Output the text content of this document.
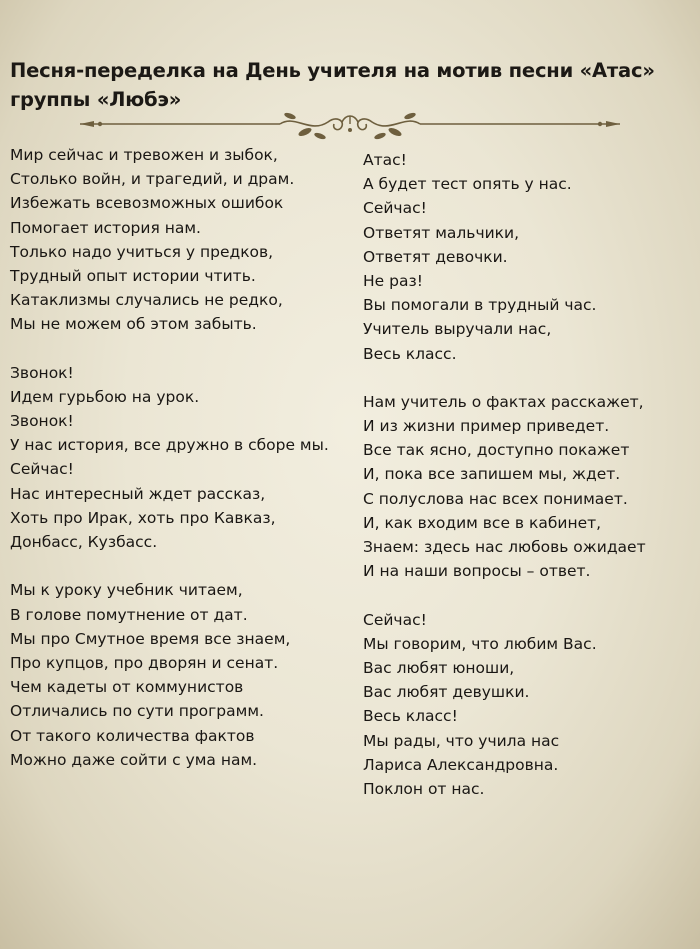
Песня-переделка на День учителя на мотив песни «Атас» группы «Любэ»
Мир сейчас и тревожен и зыбок,
Столько войн, и трагедий, и драм.
Избежать всевозможных ошибок
Помогает история нам.
Только надо учиться у предков,
Трудный опыт истории чтить.
Катаклизмы случались не редко,
Мы не можем об этом забыть.
Звонок!
Идем гурьбою на урок.
Звонок!
У нас история, все дружно в сборе мы.
Сейчас!
Нас интересный ждет рассказ,
Хоть про Ирак, хоть про Кавказ,
Донбасс, Кузбасс.
Мы к уроку учебник читаем,
В голове помутнение от дат.
Мы про Смутное время все знаем,
Про купцов, про дворян и сенат.
Чем кадеты от коммунистов
Отличались по сути программ.
От такого количества фактов
Можно даже сойти с ума нам.
Атас!
А будет тест опять у нас.
Сейчас!
Ответят мальчики,
Ответят девочки.
Не раз!
Вы помогали в трудный час.
Учитель выручали нас,
Весь класс.
Нам учитель о фактах расскажет,
И из жизни пример приведет.
Все так ясно, доступно покажет
И, пока все запишем мы, ждет.
С полуслова нас всех понимает.
И, как входим все в кабинет,
Знаем: здесь нас любовь ожидает
И на наши вопросы – ответ.
Сейчас!
Мы говорим, что любим Вас.
Вас любят юноши,
Вас любят девушки.
Весь класс!
Мы рады, что учила нас
Лариса Александровна.
Поклон от нас.
